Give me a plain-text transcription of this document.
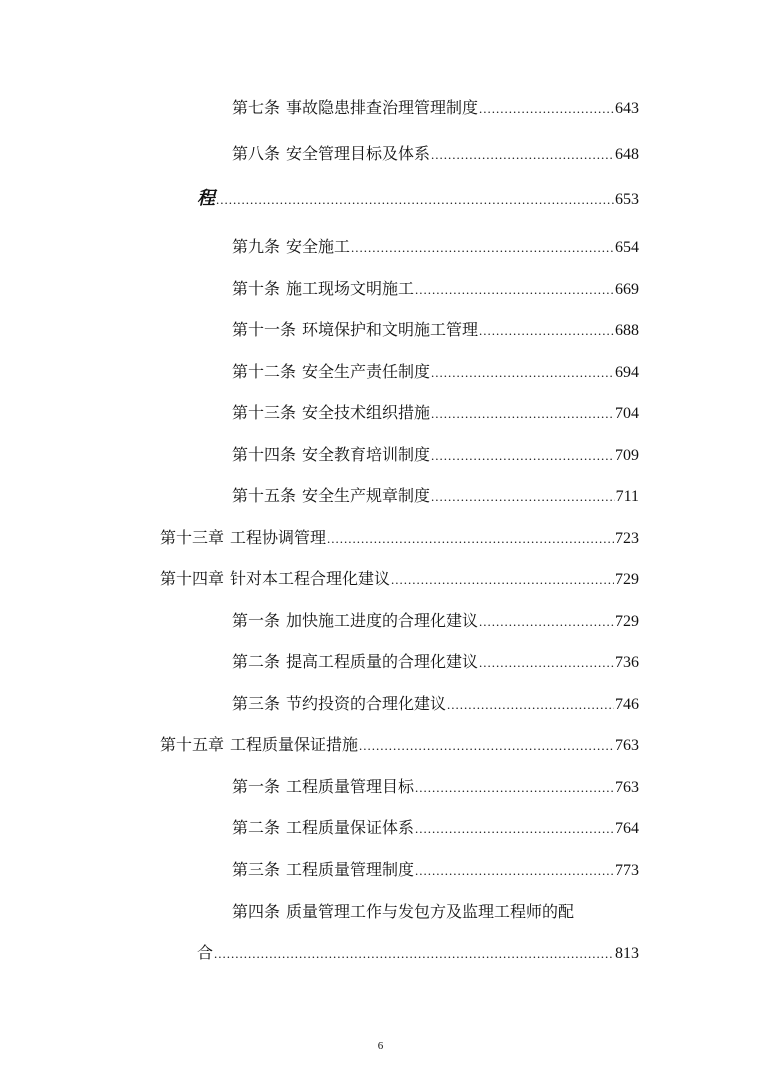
第七条 事故隐患排查治理管理制度 .....	643
第八条 安全管理目标及体系 .....	648
程 .....	653
第九条 安全施工 .....	654
第十条 施工现场文明施工 .....	669
第十一条 环境保护和文明施工管理 .....	688
第十二条 安全生产责任制度 .....	694
第十三条 安全技术组织措施 .....	704
第十四条 安全教育培训制度 .....	709
第十五条 安全生产规章制度 .....	711
第十三章 工程协调管理 .....	723
第十四章 针对本工程合理化建议 .....	729
第一条 加快施工进度的合理化建议 .....	729
第二条 提高工程质量的合理化建议 .....	736
第三条 节约投资的合理化建议 .....	746
第十五章 工程质量保证措施 .....	763
第一条 工程质量管理目标 .....	763
第二条 工程质量保证体系 .....	764
第三条 工程质量管理制度 .....	773
第四条 质量管理工作与发包方及监理工程师的配
合 .....	813
6
